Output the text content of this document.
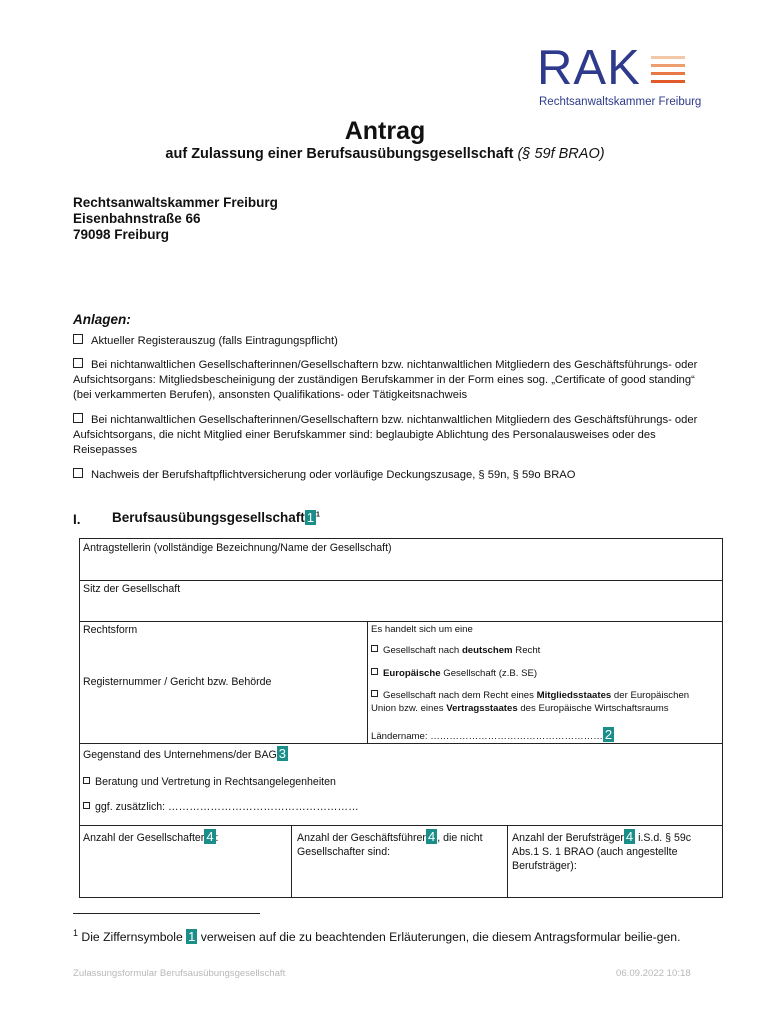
RAK
Rechtsanwaltskammer Freiburg
Antrag
auf Zulassung einer Berufsausübungsgesellschaft (§ 59f BRAO)
Rechtsanwaltskammer Freiburg
Eisenbahnstraße 66
79098 Freiburg
Anlagen:
Aktueller Registerauszug (falls Eintragungspflicht)
Bei nichtanwaltlichen Gesellschafterinnen/Gesellschaftern bzw. nichtanwaltlichen Mitgliedern des Geschäftsführungs- oder Aufsichtsorgans: Mitgliedsbescheinigung der zuständigen Berufskammer in der Form eines sog. „Certificate of good standing“ (bei verkammerten Berufen), ansonsten Qualifikations- oder Tätigkeitsnachweis
Bei nichtanwaltlichen Gesellschafterinnen/Gesellschaftern bzw. nichtanwaltlichen Mitgliedern des Geschäftsführungs- oder Aufsichtsorgans, die nicht Mitglied einer Berufskammer sind: beglaubigte Ablichtung des Personalausweises oder des Reisepasses
Nachweis der Berufshaftpflichtversicherung oder vorläufige Deckungszusage, § 59n, § 59o BRAO
I. Berufsausübungsgesellschaft 1 $^1$
Antragstellerin (vollständige Bezeichnung/Name der Gesellschaft)
Sitz der Gesellschaft
Rechtsform
Registernummer / Gericht bzw. Behörde
Es handelt sich um eine
Gesellschaft nach deutschem Recht
Europäische Gesellschaft (z.B. SE)
Gesellschaft nach dem Recht eines Mitgliedsstaates der Europäischen Union bzw. eines Vertragsstaates des Europäische Wirtschaftsraums
Ländername: ……………………………………………… 2
Gegenstand des Unternehmens/der BAG 3
Beratung und Vertretung in Rechtsangelegenheiten
ggf. zusätzlich: ………………………………………………
Anzahl der Gesellschafter 4 :	Anzahl der Geschäftsführer 4 , die nicht Gesellschafter sind:
Anzahl der Berufsträger 4 i.S.d. § 59c Abs.1 S. 1 BRAO (auch angestellte Berufsträger):
$^1$ Die Ziffernsymbole 1 verweisen auf die zu beachtenden Erläuterungen, die diesem Antragsformular beilie-gen.
Zulassungsformular Berufsausübungsgesellschaft	06.09.2022 10:18
